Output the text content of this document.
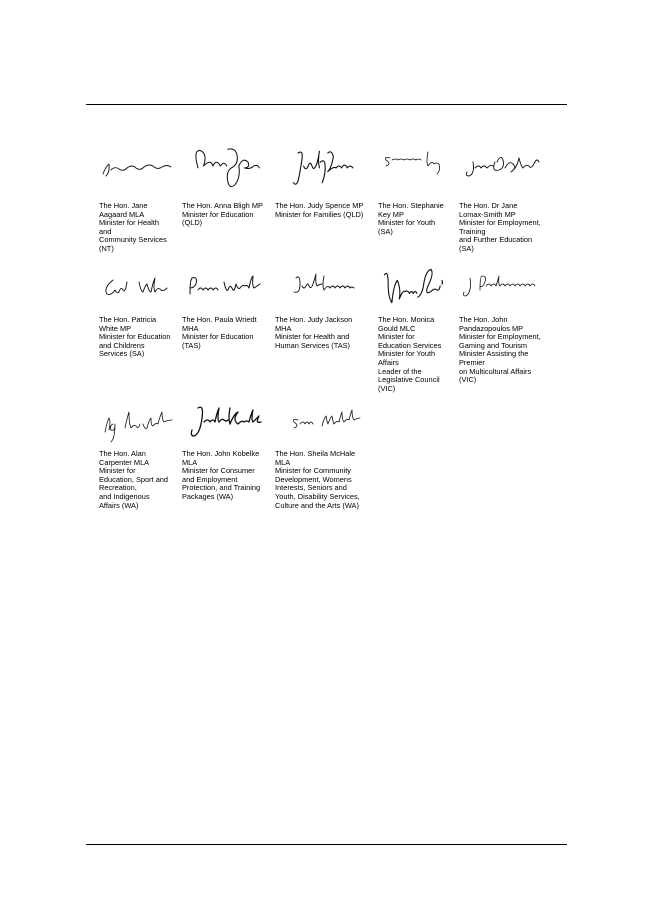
The Hon. Jane
Aagaard MLA
Minister for Health
and
Community Services
(NT)
The Hon. Anna Bligh MP
Minister for Education
(QLD)
The Hon. Judy Spence MP
Minister for Families (QLD)
The Hon. Stephanie
Key MP
Minister for Youth
(SA)
The Hon. Dr Jane
Lomax-Smith MP
Minister for Employment,
Training
and Further Education
(SA)
The Hon. Patricia
White MP
Minister for Education
and Childrens
Services (SA)
The Hon. Paula Wriedt
MHA
Minister for Education
(TAS)
The Hon. Judy Jackson
MHA
Minister for Health and
Human Services (TAS)
The Hon. Monica
Gould MLC
Minister for
Education Services
Minister for Youth
Affairs
Leader of the
Legislative Council
(VIC)
The Hon. John
Pandazopoulos MP
Minister for Employment,
Gaming and Tourism
Minister Assisting the
Premier
on Multicultural Affairs
(VIC)
The Hon. Alan
Carpenter MLA
Minister for
Education, Sport and
Recreation,
and Indigenous
Affairs (WA)
The Hon. John Kobelke
MLA
Minister for Consumer
and Employment
Protection, and Training
Packages (WA)
The Hon. Sheila McHale
MLA
Minister for Community
Development, Womens
Interests, Seniors and
Youth, Disability Services,
Culture and the Arts (WA)
